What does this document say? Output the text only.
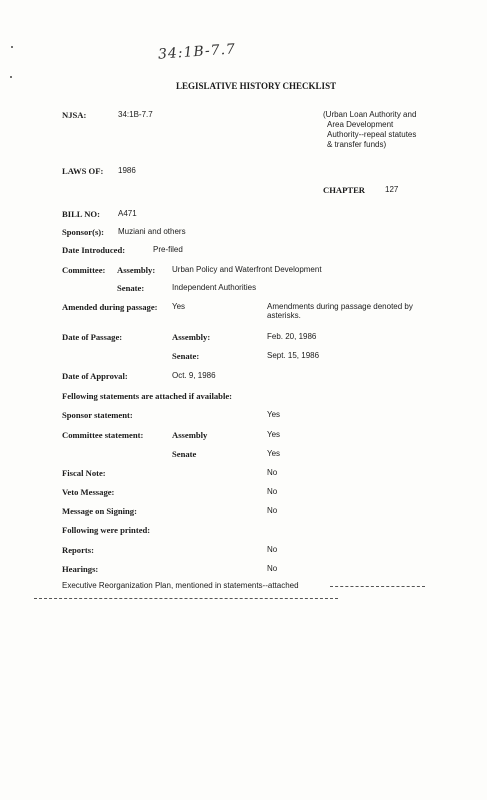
34:1B-7.7
LEGISLATIVE HISTORY CHECKLIST
NJSA:	34:1B-7.7	(Urban Loan Authority and
Area Development
Authority--repeal statutes
& transfer funds)
LAWS OF: 1986
CHAPTER 127
BILL NO: A471
Sponsor(s): Muziani and others
Date Introduced:	Pre-filed
Committee: Assembly: Urban Policy and Waterfront Development
Senate:	Independent Authorities
Amended during passage: Yes	Amendments during passage denoted by
asterisks.
Date of Passage:	Assembly:	Feb. 20, 1986
Senate:	Sept. 15, 1986
Date of Approval:	Oct. 9, 1986
Fellowing statements are attached if available:
Sponsor statement:	Yes
Committee statement:	Assembly	Yes
Senate	Yes
Fiscal Note:	No
Veto Message:	No
Message on Signing:	No
Following were printed:
Reports:	No
Hearings:	No
Executive Reorganization Plan, mentioned in statements--attached
